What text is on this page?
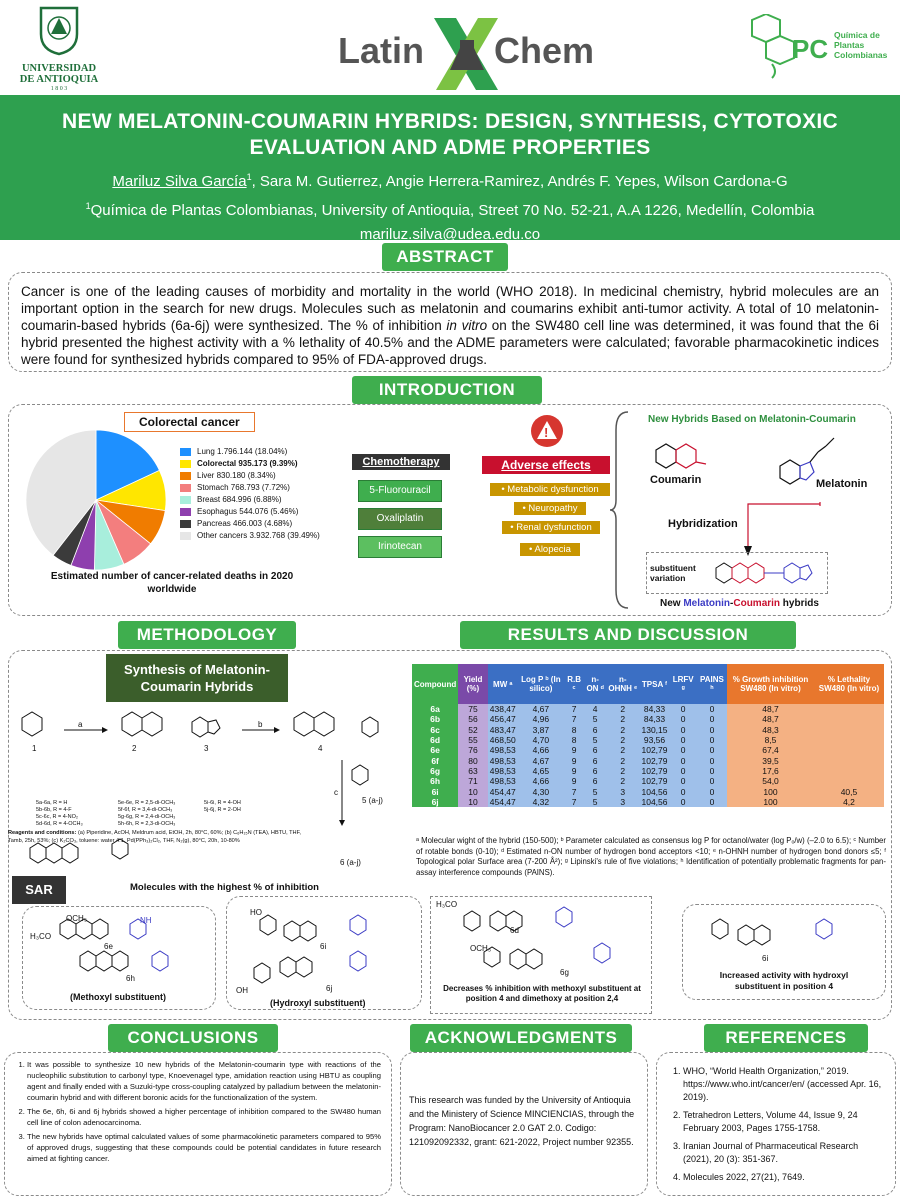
UNIVERSIDAD DE ANTIOQUIA
1 8 0 3
Latin Chem	PC Química de
Plantas
Colombianas
NEW MELATONIN-COUMARIN HYBRIDS: DESIGN, SYNTHESIS, CYTOTOXIC EVALUATION AND ADME PROPERTIES
Mariluz Silva García$^1$, Sara M. Gutierrez, Angie Herrera-Ramirez, Andrés F. Yepes, Wilson Cardona-G
$^1$Química de Plantas Colombianas, University of Antioquia, Street 70 No. 52-21, A.A 1226, Medellín, Colombia
mariluz.silva@udea.edu.co
ABSTRACT
Cancer is one of the leading causes of morbidity and mortality in the world (WHO 2018). In medicinal chemistry, hybrid molecules are an important option in the search for new drugs. Molecules such as melatonin and coumarins exhibit anti-tumor activity. A total of 10 melatonin-coumarin-based hybrids (6a-6j) were synthesized. The % of inhibition in vitro on the SW480 cell line was determined, it was found that the 6i hybrid presented the highest activity with a % lethality of 40.5% and the ADME parameters were calculated; favorable pharmacokinetic indices were found for synthesized hybrids compared to 95% of FDA-approved drugs.
INTRODUCTION
Colorectal cancer
Lung 1.796.144 (18.04%)
Colorectal 935.173 (9.39%)
Liver 830.180 (8.34%)
Stomach 768.793 (7.72%)
Breast 684.996 (6.88%)
Esophagus 544.076 (5.46%)
Pancreas 466.003 (4.68%)
Other cancers 3.932.768 (39.49%)
Estimated number of cancer-related deaths in 2020 worldwide
Chemotherapy
5-Fluorouracil
Oxaliplatin
Irinotecan
!
Adverse effects
• Metabolic dysfunction
• Neuropathy
• Renal dysfunction
• Alopecia
New Hybrids Based on Melatonin-Coumarin
Coumarin	Melatonin
Hybridization
substituent variation
New Melatonin-Coumarin hybrids
METHODOLOGY
Synthesis of Melatonin-Coumarin Hybrids
a	b
c
1	2	3	4
5 (a-j)
6 (a-j)
5a-6a, R = H
5b-6b, R = 4-F
5c-6c, R = 4-NO₂
5d-6d, R = 4-OCH₃
5e-6e, R = 2,5-di-OCH₃
5f-6f, R = 3,4-di-OCH₃
5g-6g, R = 2,4-di-OCH₃
5h-6h, R = 2,3-di-OCH₃
5i-6i, R = 4-OH
5j-6j, R = 2-OH
Reagents and conditions: (a) Piperidine, AcOH, Meldrum acid, EtOH, 2h, 80°C, 60%; (b) C₆H₁₅N (TEA), HBTU, THF, Tamb, 25h, 53%; (c) K₂CO₃, toluene: water 4:1, Pd(PPh₃)₂Cl₂, THF, N₂(g), 80°C, 20h, 10-80%
RESULTS AND DISCUSSION
Compound	Yield (%)	MW ᵃ	Log P ᵇ (In silico)	R.B ᶜ	n-ON ᵈ	n-OHNH ᵉ	TPSA ᶠ	LRFV ᵍ	PAINS ʰ	% Growth inhibition SW480 (In vitro)	% Lethality SW480 (In vitro)
6a	75	438,47	4,67	7	4	2	84,33	0	0	48,7	
6b	56	456,47	4,96	7	5	2	84,33	0	0	48,7	
6c	52	483,47	3,87	8	6	2	130,15	0	0	48,3	
6d	55	468,50	4,70	8	5	2	93,56	0	0	8,5	
6e	76	498,53	4,66	9	6	2	102,79	0	0	67,4	
6f	80	498,53	4,67	9	6	2	102,79	0	0	39,5	
6g	63	498,53	4,65	9	6	2	102,79	0	0	17,6	
6h	71	498,53	4,66	9	6	2	102,79	0	0	54,0	
6i	10	454,47	4,30	7	5	3	104,56	0	0	100	40,5
6j	10	454,47	4,32	7	5	3	104,56	0	0	100	4,2
ᵃ Molecular wight of the hybrid (150-500); ᵇ Parameter calculated as consensus log P for octanol/water (log Pₒ/w) (–2.0 to 6.5); ᶜ Number of rotable bonds (0-10); ᵈ Estimated n-ON number of hydrogen bond acceptors <10; ᵉ n-OHNH number of hydrogen bond donors ≤5; ᶠ Topological polar Surface area (7-200 Å²); ᵍ Lipinski's rule of five violations; ʰ Identification of potentially problematic fragments for pan-assay interference compounds (PAINS).
SAR	Molecules with the highest % of inhibition
6e
6h
OCH₃
H₃CO
NH
(Methoxyl substituent)
6i
6j
HO
OH
(Hydroxyl substituent)
6d
6g
H₃CO
OCH₃
Decreases % inhibition with methoxyl substituent at position 4 and dimethoxy at position 2,4
6i
Increased activity with hydroxyl substituent in position 4
CONCLUSIONS
1. It was possible to synthesize 10 new hybrids of the Melatonin-coumarin type with reactions of the nucleophilic substitution to carbonyl type, Knoevenagel type, amidation reaction using HBTU as coupling agent and finally ended with a Suzuki-type cross-coupling catalyzed by palladium between the melatonin-coumarin hybrid and with different boronic acids for the functionalization of the system.
2. The 6e, 6h, 6i and 6j hybrids showed a higher percentage of inhibition compared to the SW480 human cell line of colon adenocarcinoma.
3. The new hybrids have optimal calculated values of some pharmacokinetic parameters compared to 95% of approved drugs, suggesting that these compounds could be potential candidates in future research aimed at fighting cancer.
ACKNOWLEDGMENTS
This research was funded by the University of Antioquia and the Ministery of Science MINCIENCIAS, through the Program: NanoBiocancer 2.0 GAT 2.0. Codigo: 121092092332, grant: 621-2022, Project number 92355.
REFERENCES
1. WHO, “World Health Organization,” 2019. https://www.who.int/cancer/en/ (accessed Apr. 16, 2019).
2. Tetrahedron Letters, Volume 44, Issue 9, 24 February 2003, Pages 1755-1758.
3. Iranian Journal of Pharmaceutical Research (2021), 20 (3): 351-367.
4. Molecules 2022, 27(21), 7649.
